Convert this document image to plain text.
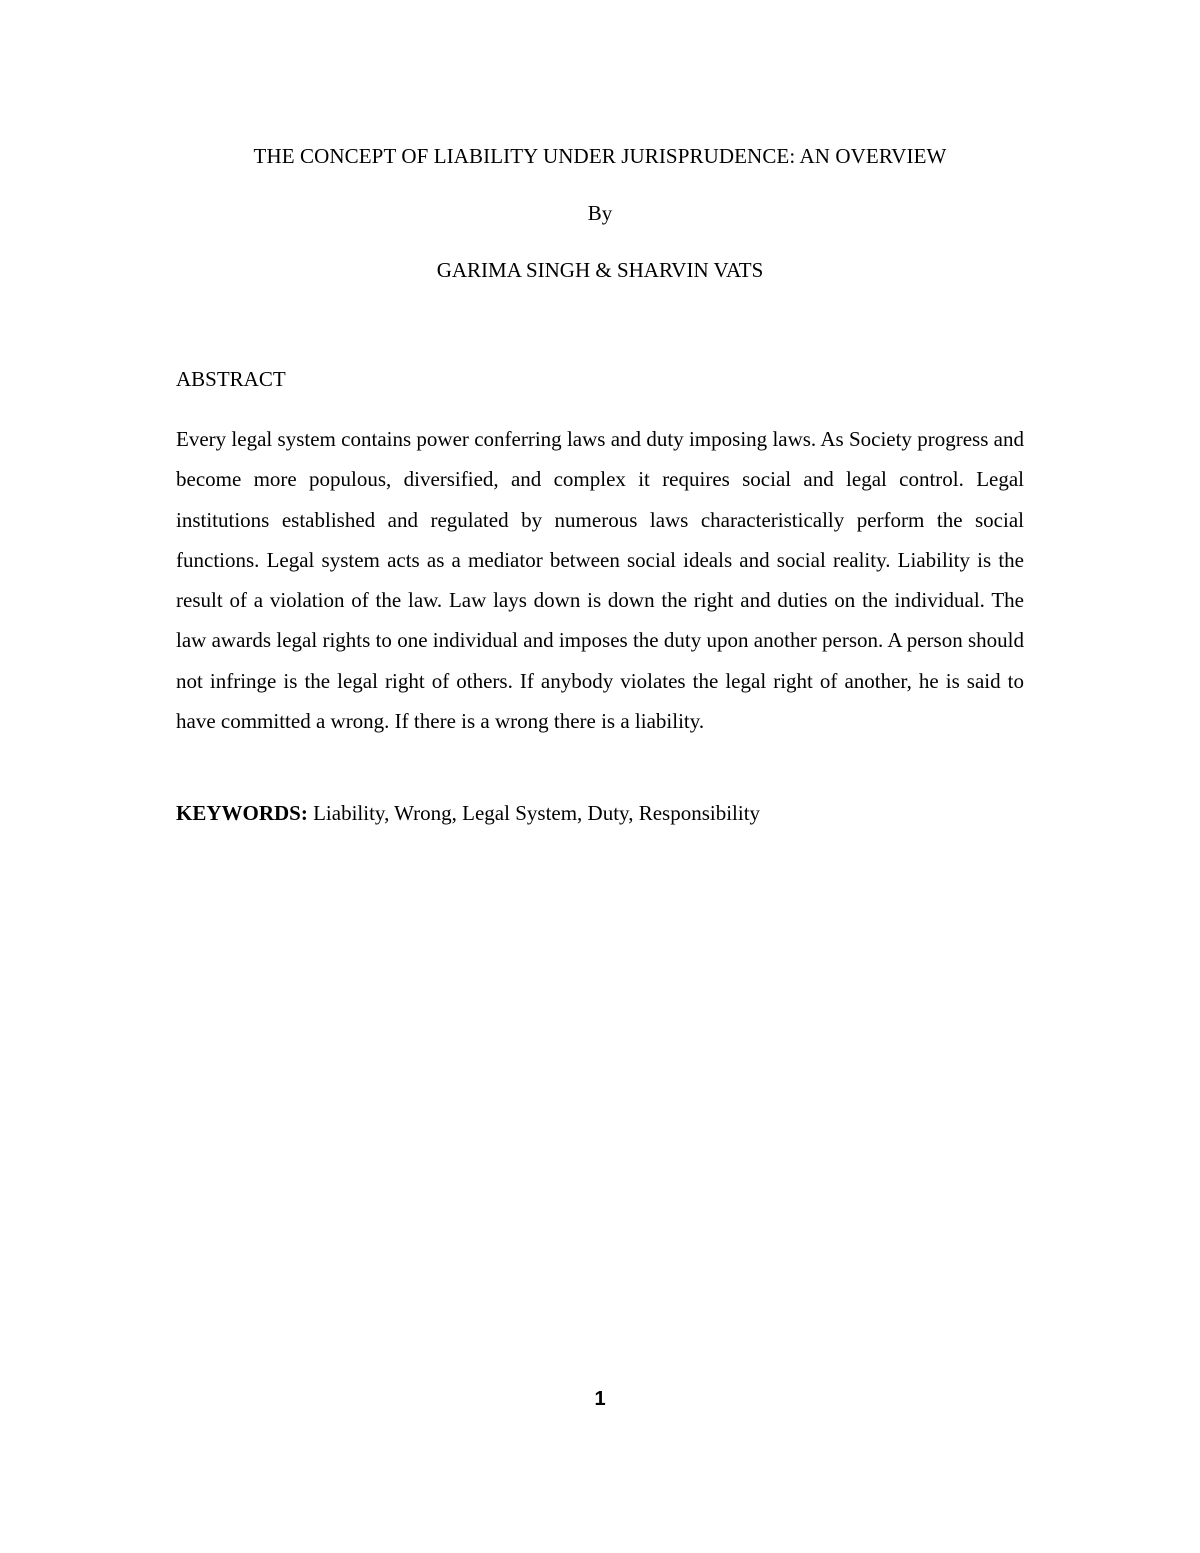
THE CONCEPT OF LIABILITY UNDER JURISPRUDENCE: AN OVERVIEW
By
GARIMA SINGH & SHARVIN VATS
ABSTRACT

Every legal system contains power conferring laws and duty imposing laws. As Society progress and become more populous, diversified, and complex it requires social and legal control. Legal institutions established and regulated by numerous laws characteristically perform the social functions. Legal system acts as a mediator between social ideals and social reality. Liability is the result of a violation of the law. Law lays down is down the right and duties on the individual. The law awards legal rights to one individual and imposes the duty upon another person. A person should not infringe is the legal right of others. If anybody violates the legal right of another, he is said to have committed a wrong. If there is a wrong there is a liability.

KEYWORDS: Liability, Wrong, Legal System, Duty, Responsibility

1
